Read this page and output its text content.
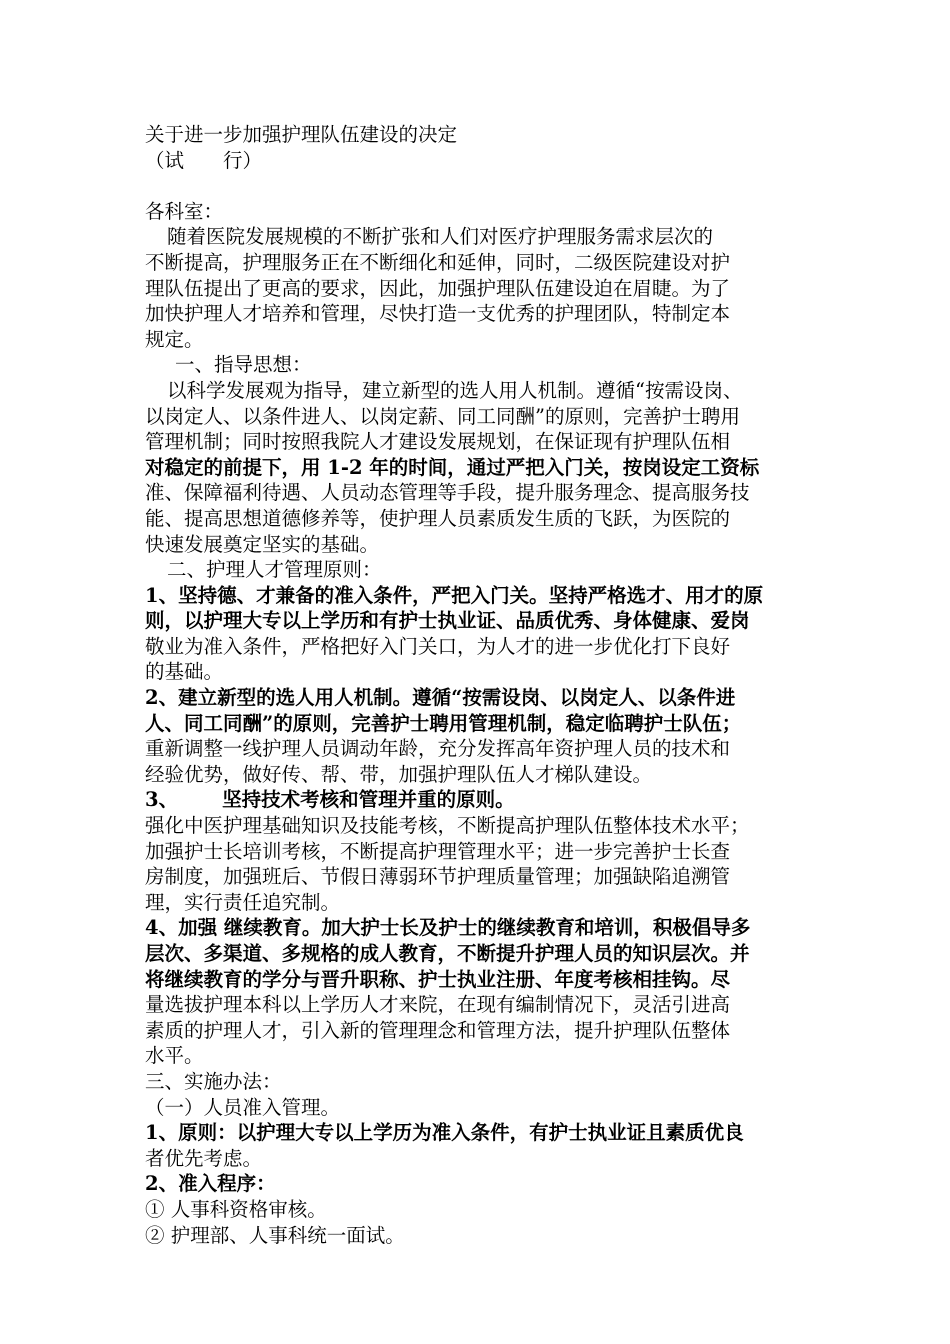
关于进一步加强护理队伍建设的决定
（试　　行）
各科室：
随着医院发展规模的不断扩张和人们对医疗护理服务需求层次的
不断提高，护理服务正在不断细化和延伸，同时，二级医院建设对护
理队伍提出了更高的要求，因此，加强护理队伍建设迫在眉睫。为了
加快护理人才培养和管理，尽快打造一支优秀的护理团队，特制定本
规定。
一、指导思想：
以科学发展观为指导，建立新型的选人用人机制。遵循“按需设岗、
以岗定人、以条件进人、以岗定薪、同工同酬”的原则，完善护士聘用
管理机制；同时按照我院人才建设发展规划，在保证现有护理队伍相
对稳定的前提下，用 1-2 年的时间，通过严把入门关，按岗设定工资标
准、保障福利待遇、人员动态管理等手段，提升服务理念、提高服务技
能、提高思想道德修养等，使护理人员素质发生质的飞跃，为医院的
快速发展奠定坚实的基础。
二、护理人才管理原则：
1、坚持德、才兼备的准入条件，严把入门关。坚持严格选才、用才的原
则，以护理大专以上学历和有护士执业证、品质优秀、身体健康、爱岗
敬业为准入条件，严格把好入门关口，为人才的进一步优化打下良好
的基础。
2、建立新型的选人用人机制。遵循“按需设岗、以岗定人、以条件进
人、同工同酬”的原则，完善护士聘用管理机制，稳定临聘护士队伍；
重新调整一线护理人员调动年龄，充分发挥高年资护理人员的技术和
经验优势，做好传、帮、带，加强护理队伍人才梯队建设。
3、 坚持技术考核和管理并重的原则。
强化中医护理基础知识及技能考核，不断提高护理队伍整体技术水平；
加强护士长培训考核，不断提高护理管理水平；进一步完善护士长查
房制度，加强班后、节假日薄弱环节护理质量管理；加强缺陷追溯管
理，实行责任追究制。
4、加强 继续教育。加大护士长及护士的继续教育和培训，积极倡导多
层次、多渠道、多规格的成人教育，不断提升护理人员的知识层次。并
将继续教育的学分与晋升职称、护士执业注册、年度考核相挂钩。尽
量选拔护理本科以上学历人才来院，在现有编制情况下，灵活引进高
素质的护理人才，引入新的管理理念和管理方法，提升护理队伍整体
水平。
三、实施办法：
（一）人员准入管理。
1、原则：以护理大专以上学历为准入条件，有护士执业证且素质优良
者优先考虑。
2、准入程序：
① 人事科资格审核。
② 护理部、人事科统一面试。
